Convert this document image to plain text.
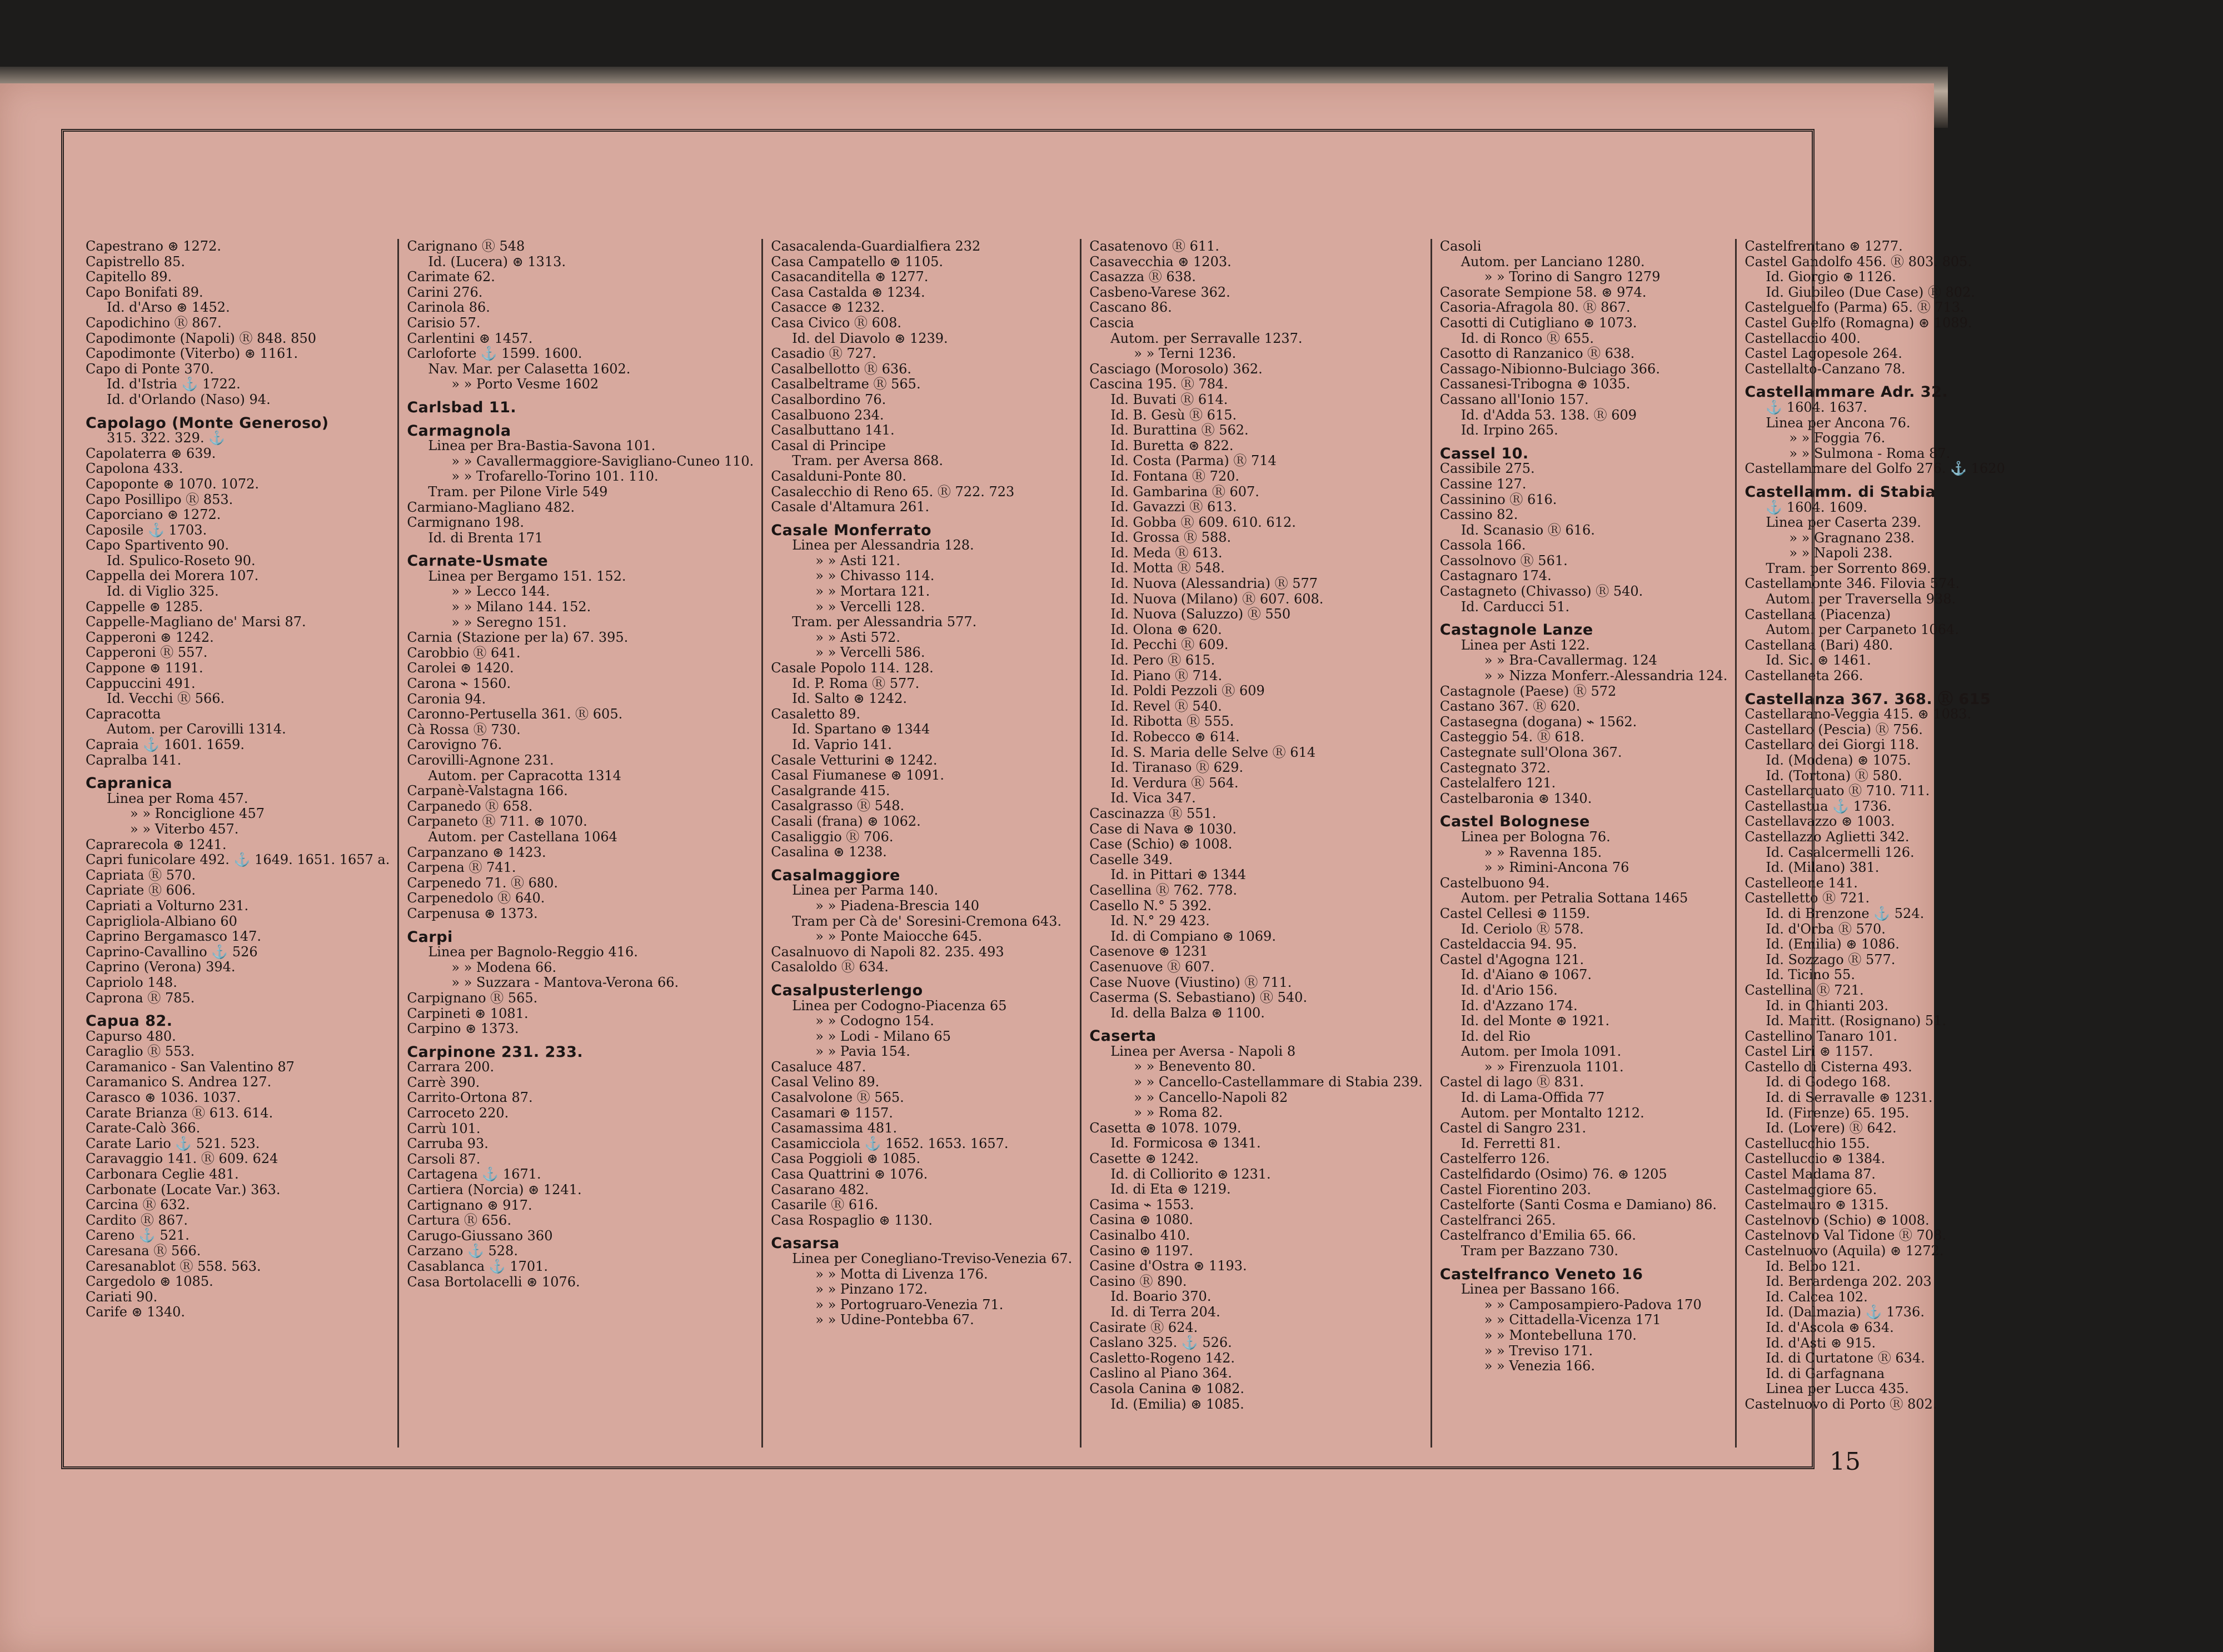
Capestrano ⊛ 1272.
Capistrello 85.
Capitello 89.
Capo Bonifati 89.
Id. d'Arso ⊛ 1452.
Capodichino Ⓡ 867.
Capodimonte (Napoli) Ⓡ 848. 850
Capodimonte (Viterbo) ⊛ 1161.
Capo di Ponte 370.
Id. d'Istria ⚓ 1722.
Id. d'Orlando (Naso) 94.
Capolago (Monte Generoso)
315. 322. 329. ⚓
Capolaterra ⊛ 639.
Capolona 433.
Capoponte ⊛ 1070. 1072.
Capo Posillipo Ⓡ 853.
Caporciano ⊛ 1272.
Caposile ⚓ 1703.
Capo Spartivento 90.
Id. Spulico-Roseto 90.
Cappella dei Morera 107.
Id. di Viglio 325.
Cappelle ⊛ 1285.
Cappelle-Magliano de' Marsi 87.
Capperoni ⊛ 1242.
Capperoni Ⓡ 557.
Cappone ⊛ 1191.
Cappuccini 491.
Id. Vecchi Ⓡ 566.
Capracotta
Autom. per Carovilli 1314.
Capraia ⚓ 1601. 1659.
Capralba 141.
Capranica
Linea per Roma 457.
» » Ronciglione 457
» » Viterbo 457.
Caprarecola ⊛ 1241.
Capri funicolare 492. ⚓ 1649. 1651. 1657 a.
Capriata Ⓡ 570.
Capriate Ⓡ 606.
Capriati a Volturno 231.
Caprigliola-Albiano 60
Caprino Bergamasco 147.
Caprino-Cavallino ⚓ 526
Caprino (Verona) 394.
Capriolo 148.
Caprona Ⓡ 785.
Capua 82.
Capurso 480.
Caraglio Ⓡ 553.
Caramanico - San Valentino 87
Caramanico S. Andrea 127.
Carasco ⊛ 1036. 1037.
Carate Brianza Ⓡ 613. 614.
Carate-Calò 366.
Carate Lario ⚓ 521. 523.
Caravaggio 141. Ⓡ 609. 624
Carbonara Ceglie 481.
Carbonate (Locate Var.) 363.
Carcina Ⓡ 632.
Cardito Ⓡ 867.
Careno ⚓ 521.
Caresana Ⓡ 566.
Caresanablot Ⓡ 558. 563.
Cargedolo ⊛ 1085.
Cariati 90.
Carife ⊛ 1340.
Carignano Ⓡ 548
Id. (Lucera) ⊛ 1313.
Carimate 62.
Carini 276.
Carinola 86.
Carisio 57.
Carlentini ⊛ 1457.
Carloforte ⚓ 1599. 1600.
Nav. Mar. per Calasetta 1602.
» » Porto Vesme 1602
Carlsbad 11.
Carmagnola
Linea per Bra-Bastia-Savona 101.
» » Cavallermaggiore-Savigliano-Cuneo 110.
» » Trofarello-Torino 101. 110.
Tram. per Pilone Virle 549
Carmiano-Magliano 482.
Carmignano 198.
Id. di Brenta 171
Carnate-Usmate
Linea per Bergamo 151. 152.
» » Lecco 144.
» » Milano 144. 152.
» » Seregno 151.
Carnia (Stazione per la) 67. 395.
Carobbio Ⓡ 641.
Carolei ⊛ 1420.
Carona ⌁ 1560.
Caronia 94.
Caronno-Pertusella 361. Ⓡ 605.
Cà Rossa Ⓡ 730.
Carovigno 76.
Carovilli-Agnone 231.
Autom. per Capracotta 1314
Carpanè-Valstagna 166.
Carpanedo Ⓡ 658.
Carpaneto Ⓡ 711. ⊛ 1070.
Autom. per Castellana 1064
Carpanzano ⊛ 1423.
Carpena Ⓡ 741.
Carpenedo 71. Ⓡ 680.
Carpenedolo Ⓡ 640.
Carpenusa ⊛ 1373.
Carpi
Linea per Bagnolo-Reggio 416.
» » Modena 66.
» » Suzzara - Mantova-Verona 66.
Carpignano Ⓡ 565.
Carpineti ⊛ 1081.
Carpino ⊛ 1373.
Carpinone 231. 233.
Carrara 200.
Carrè 390.
Carrito-Ortona 87.
Carroceto 220.
Carrù 101.
Carruba 93.
Carsoli 87.
Cartagena ⚓ 1671.
Cartiera (Norcia) ⊛ 1241.
Cartignano ⊛ 917.
Cartura Ⓡ 656.
Carugo-Giussano 360
Carzano ⚓ 528.
Casablanca ⚓ 1701.
Casa Bortolacelli ⊛ 1076.
Casacalenda-Guardialfiera 232
Casa Campatello ⊛ 1105.
Casacanditella ⊛ 1277.
Casa Castalda ⊛ 1234.
Casacce ⊛ 1232.
Casa Civico Ⓡ 608.
Id. del Diavolo ⊛ 1239.
Casadio Ⓡ 727.
Casalbellotto Ⓡ 636.
Casalbeltrame Ⓡ 565.
Casalbordino 76.
Casalbuono 234.
Casalbuttano 141.
Casal di Principe
Tram. per Aversa 868.
Casalduni-Ponte 80.
Casalecchio di Reno 65. Ⓡ 722. 723
Casale d'Altamura 261.
Casale Monferrato
Linea per Alessandria 128.
» » Asti 121.
» » Chivasso 114.
» » Mortara 121.
» » Vercelli 128.
Tram. per Alessandria 577.
» » Asti 572.
» » Vercelli 586.
Casale Popolo 114. 128.
Id. P. Roma Ⓡ 577.
Id. Salto ⊛ 1242.
Casaletto 89.
Id. Spartano ⊛ 1344
Id. Vaprio 141.
Casale Vetturini ⊛ 1242.
Casal Fiumanese ⊛ 1091.
Casalgrande 415.
Casalgrasso Ⓡ 548.
Casali (frana) ⊛ 1062.
Casaliggio Ⓡ 706.
Casalina ⊛ 1238.
Casalmaggiore
Linea per Parma 140.
» » Piadena-Brescia 140
Tram per Cà de' Soresini-Cremona 643.
» » Ponte Maiocche 645.
Casalnuovo di Napoli 82. 235. 493
Casaloldo Ⓡ 634.
Casalpusterlengo
Linea per Codogno-Piacenza 65
» » Codogno 154.
» » Lodi - Milano 65
» » Pavia 154.
Casaluce 487.
Casal Velino 89.
Casalvolone Ⓡ 565.
Casamari ⊛ 1157.
Casamassima 481.
Casamicciola ⚓ 1652. 1653. 1657.
Casa Poggioli ⊛ 1085.
Casa Quattrini ⊛ 1076.
Casarano 482.
Casarile Ⓡ 616.
Casa Rospaglio ⊛ 1130.
Casarsa
Linea per Conegliano-Treviso-Venezia 67.
» » Motta di Livenza 176.
» » Pinzano 172.
» » Portogruaro-Venezia 71.
» » Udine-Pontebba 67.
Casatenovo Ⓡ 611.
Casavecchia ⊛ 1203.
Casazza Ⓡ 638.
Casbeno-Varese 362.
Cascano 86.
Cascia
Autom. per Serravalle 1237.
» » Terni 1236.
Casciago (Morosolo) 362.
Cascina 195. Ⓡ 784.
Id. Buvati Ⓡ 614.
Id. B. Gesù Ⓡ 615.
Id. Burattina Ⓡ 562.
Id. Buretta ⊛ 822.
Id. Costa (Parma) Ⓡ 714
Id. Fontana Ⓡ 720.
Id. Gambarina Ⓡ 607.
Id. Gavazzi Ⓡ 613.
Id. Gobba Ⓡ 609. 610. 612.
Id. Grossa Ⓡ 588.
Id. Meda Ⓡ 613.
Id. Motta Ⓡ 548.
Id. Nuova (Alessandria) Ⓡ 577
Id. Nuova (Milano) Ⓡ 607. 608.
Id. Nuova (Saluzzo) Ⓡ 550
Id. Olona ⊛ 620.
Id. Pecchi Ⓡ 609.
Id. Pero Ⓡ 615.
Id. Piano Ⓡ 714.
Id. Poldi Pezzoli Ⓡ 609
Id. Revel Ⓡ 540.
Id. Ribotta Ⓡ 555.
Id. Robecco ⊛ 614.
Id. S. Maria delle Selve Ⓡ 614
Id. Tiranaso Ⓡ 629.
Id. Verdura Ⓡ 564.
Id. Vica 347.
Cascinazza Ⓡ 551.
Case di Nava ⊛ 1030.
Case (Schio) ⊛ 1008.
Caselle 349.
Id. in Pittari ⊛ 1344
Casellina Ⓡ 762. 778.
Casello N.° 5 392.
Id. N.° 29 423.
Id. di Compiano ⊛ 1069.
Casenove ⊛ 1231
Casenuove Ⓡ 607.
Case Nuove (Viustino) Ⓡ 711.
Caserma (S. Sebastiano) Ⓡ 540.
Id. della Balza ⊛ 1100.
Caserta
Linea per Aversa - Napoli 8
» » Benevento 80.
» » Cancello-Castellammare di Stabia 239.
» » Cancello-Napoli 82
» » Roma 82.
Casetta ⊛ 1078. 1079.
Id. Formicosa ⊛ 1341.
Casette ⊛ 1242.
Id. di Colliorito ⊛ 1231.
Id. di Eta ⊛ 1219.
Casima ⌁ 1553.
Casina ⊛ 1080.
Casinalbo 410.
Casino ⊛ 1197.
Casine d'Ostra ⊛ 1193.
Casino Ⓡ 890.
Id. Boario 370.
Id. di Terra 204.
Casirate Ⓡ 624.
Caslano 325. ⚓ 526.
Casletto-Rogeno 142.
Caslino al Piano 364.
Casola Canina ⊛ 1082.
Id. (Emilia) ⊛ 1085.
Casoli
Autom. per Lanciano 1280.
» » Torino di Sangro 1279
Casorate Sempione 58. ⊛ 974.
Casoria-Afragola 80. Ⓡ 867.
Casotti di Cutigliano ⊛ 1073.
Id. di Ronco Ⓡ 655.
Casotto di Ranzanico Ⓡ 638.
Cassago-Nibionno-Bulciago 366.
Cassanesi-Tribogna ⊛ 1035.
Cassano all'Ionio 157.
Id. d'Adda 53. 138. Ⓡ 609
Id. Irpino 265.
Cassel 10.
Cassibile 275.
Cassine 127.
Cassinino Ⓡ 616.
Cassino 82.
Id. Scanasio Ⓡ 616.
Cassola 166.
Cassolnovo Ⓡ 561.
Castagnaro 174.
Castagneto (Chivasso) Ⓡ 540.
Id. Carducci 51.
Castagnole Lanze
Linea per Asti 122.
» » Bra-Cavallermag. 124
» » Nizza Monferr.-Alessandria 124.
Castagnole (Paese) Ⓡ 572
Castano 367. Ⓡ 620.
Castasegna (dogana) ⌁ 1562.
Casteggio 54. Ⓡ 618.
Castegnate sull'Olona 367.
Castegnato 372.
Castelalfero 121.
Castelbaronia ⊛ 1340.
Castel Bolognese
Linea per Bologna 76.
» » Ravenna 185.
» » Rimini-Ancona 76
Castelbuono 94.
Autom. per Petralia Sottana 1465
Castel Cellesi ⊛ 1159.
Id. Ceriolo Ⓡ 578.
Casteldaccia 94. 95.
Castel d'Agogna 121.
Id. d'Aiano ⊛ 1067.
Id. d'Ario 156.
Id. d'Azzano 174.
Id. del Monte ⊛ 1921.
Id. del Rio
Autom. per Imola 1091.
» » Firenzuola 1101.
Castel di lago Ⓡ 831.
Id. di Lama-Offida 77
Autom. per Montalto 1212.
Castel di Sangro 231.
Id. Ferretti 81.
Castelferro 126.
Castelfidardo (Osimo) 76. ⊛ 1205
Castel Fiorentino 203.
Castelforte (Santi Cosma e Damiano) 86.
Castelfranci 265.
Castelfranco d'Emilia 65. 66.
Tram per Bazzano 730.
Castelfranco Veneto 16
Linea per Bassano 166.
» » Camposampiero-Padova 170
» » Cittadella-Vicenza 171
» » Montebelluna 170.
» » Treviso 171.
» » Venezia 166.
Castelfrentano ⊛ 1277.
Castel Gandolfo 456. Ⓡ 803. 805.
Id. Giorgio ⊛ 1126.
Id. Giubileo (Due Case) Ⓡ 802.
Castelguelfo (Parma) 65. Ⓡ 713.
Castel Guelfo (Romagna) ⊛ 1089.
Castellaccio 400.
Castel Lagopesole 264.
Castellalto-Canzano 78.
Castellammare Adr. 32.
⚓ 1604. 1637.
Linea per Ancona 76.
» » Foggia 76.
» » Sulmona - Roma 87.
Castellammare del Golfo 276. ⚓ 1620
Castellamm. di Stabia
⚓ 1604. 1609.
Linea per Caserta 239.
» » Gragnano 238.
» » Napoli 238.
Tram. per Sorrento 869.
Castellamonte 346. Filovia 574.
Autom. per Traversella 938.
Castellana (Piacenza)
Autom. per Carpaneto 1064.
Castellana (Bari) 480.
Id. Sic. ⊛ 1461.
Castellaneta 266.
Castellanza 367. 368. Ⓡ 615
Castellarano-Veggia 415. ⊛ 1083.
Castellaro (Pescia) Ⓡ 756.
Castellaro dei Giorgi 118.
Id. (Modena) ⊛ 1075.
Id. (Tortona) Ⓡ 580.
Castellarquato Ⓡ 710. 711.
Castellastua ⚓ 1736.
Castellavazzo ⊛ 1003.
Castellazzo Aglietti 342.
Id. Casalcermelli 126.
Id. (Milano) 381.
Castelleone 141.
Castelletto Ⓡ 721.
Id. di Brenzone ⚓ 524.
Id. d'Orba Ⓡ 570.
Id. (Emilia) ⊛ 1086.
Id. Sozzago Ⓡ 577.
Id. Ticino 55.
Castellina Ⓡ 721.
Id. in Chianti 203.
Id. Maritt. (Rosignano) 51.
Castellino Tanaro 101.
Castel Liri ⊛ 1157.
Castello di Cisterna 493.
Id. di Godego 168.
Id. di Serravalle ⊛ 1231.
Id. (Firenze) 65. 195.
Id. (Lovere) Ⓡ 642.
Castellucchio 155.
Castelluccio ⊛ 1384.
Castel Madama 87.
Castelmaggiore 65.
Castelmauro ⊛ 1315.
Castelnovo (Schio) ⊛ 1008.
Castelnovo Val Tidone Ⓡ 708.
Castelnuovo (Aquila) ⊛ 1272.
Id. Belbo 121.
Id. Berardenga 202. 203
Id. Calcea 102.
Id. (Dalmazia) ⚓ 1736.
Id. d'Ascola ⊛ 634.
Id. d'Asti ⊛ 915.
Id. di Curtatone Ⓡ 634.
Id. di Garfagnana
Linea per Lucca 435.
Castelnuovo di Porto Ⓡ 802.
15
